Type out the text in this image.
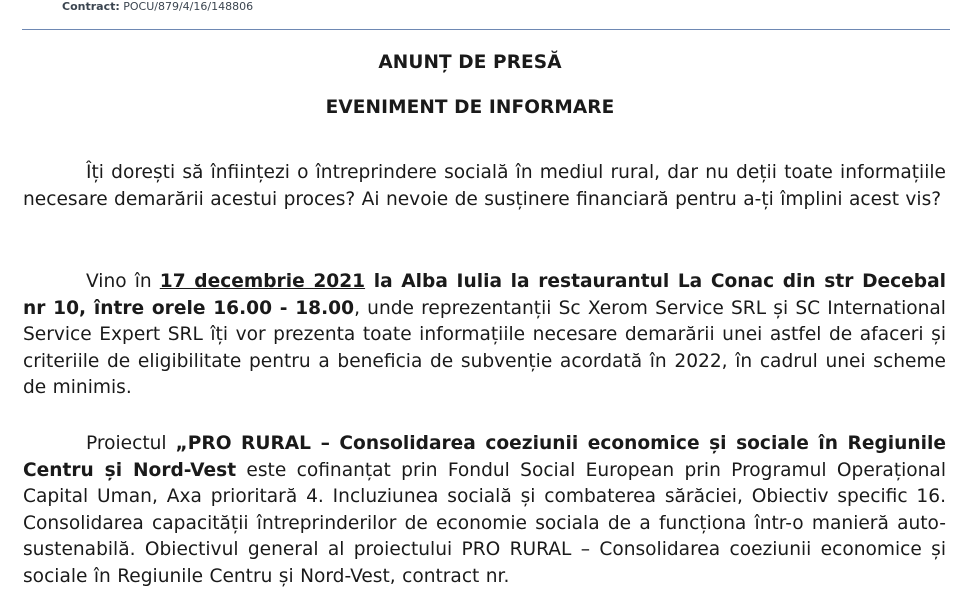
Contract: POCU/879/4/16/148806
ANUNȚ DE PRESĂ
EVENIMENT DE INFORMARE
Îți dorești să înființezi o întreprindere socială în mediul rural, dar nu deții toate informațiile necesare demarării acestui proces? Ai nevoie de susținere financiară pentru a-ți împlini acest vis?
Vino în 17 decembrie 2021 la Alba Iulia la restaurantul La Conac din str Decebal nr 10, între orele 16.00 - 18.00, unde reprezentanții Sc Xerom Service SRL și SC International Service Expert SRL îți vor prezenta toate informațiile necesare demarării unei astfel de afaceri și criteriile de eligibilitate pentru a beneficia de subvenție acordată în 2022, în cadrul unei scheme de minimis.
Proiectul „PRO RURAL – Consolidarea coeziunii economice și sociale în Regiunile Centru și Nord-Vest este cofinanțat prin Fondul Social European prin Programul Operațional Capital Uman, Axa prioritară 4. Incluziunea socială și combaterea sărăciei, Obiectiv specific 16. Consolidarea capacității întreprinderilor de economie sociala de a funcționa într-o manieră auto-sustenabilă. Obiectivul general al proiectului PRO RURAL – Consolidarea coeziunii economice și sociale în Regiunile Centru și Nord-Vest, contract nr.
